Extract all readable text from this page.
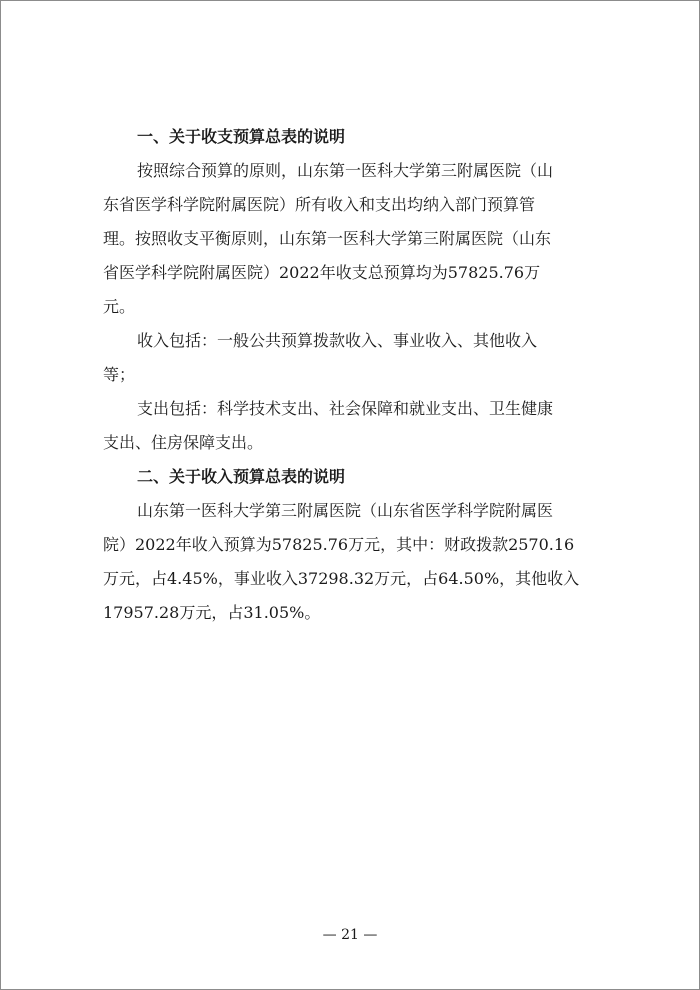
一、关于收支预算总表的说明

按照综合预算的原则，山东第一医科大学第三附属医院（山
东省医学科学院附属医院）所有收入和支出均纳入部门预算管
理。按照收支平衡原则，山东第一医科大学第三附属医院（山东
省医学科学院附属医院）2022年收支总预算均为57825.76万
元。

收入包括：一般公共预算拨款收入、事业收入、其他收入
等；

支出包括：科学技术支出、社会保障和就业支出、卫生健康
支出、住房保障支出。

二、关于收入预算总表的说明

山东第一医科大学第三附属医院（山东省医学科学院附属医
院）2022年收入预算为57825.76万元，其中：财政拨款2570.16
万元，占4.45%，事业收入37298.32万元，占64.50%，其他收入
17957.28万元，占31.05%。

— 21 —
